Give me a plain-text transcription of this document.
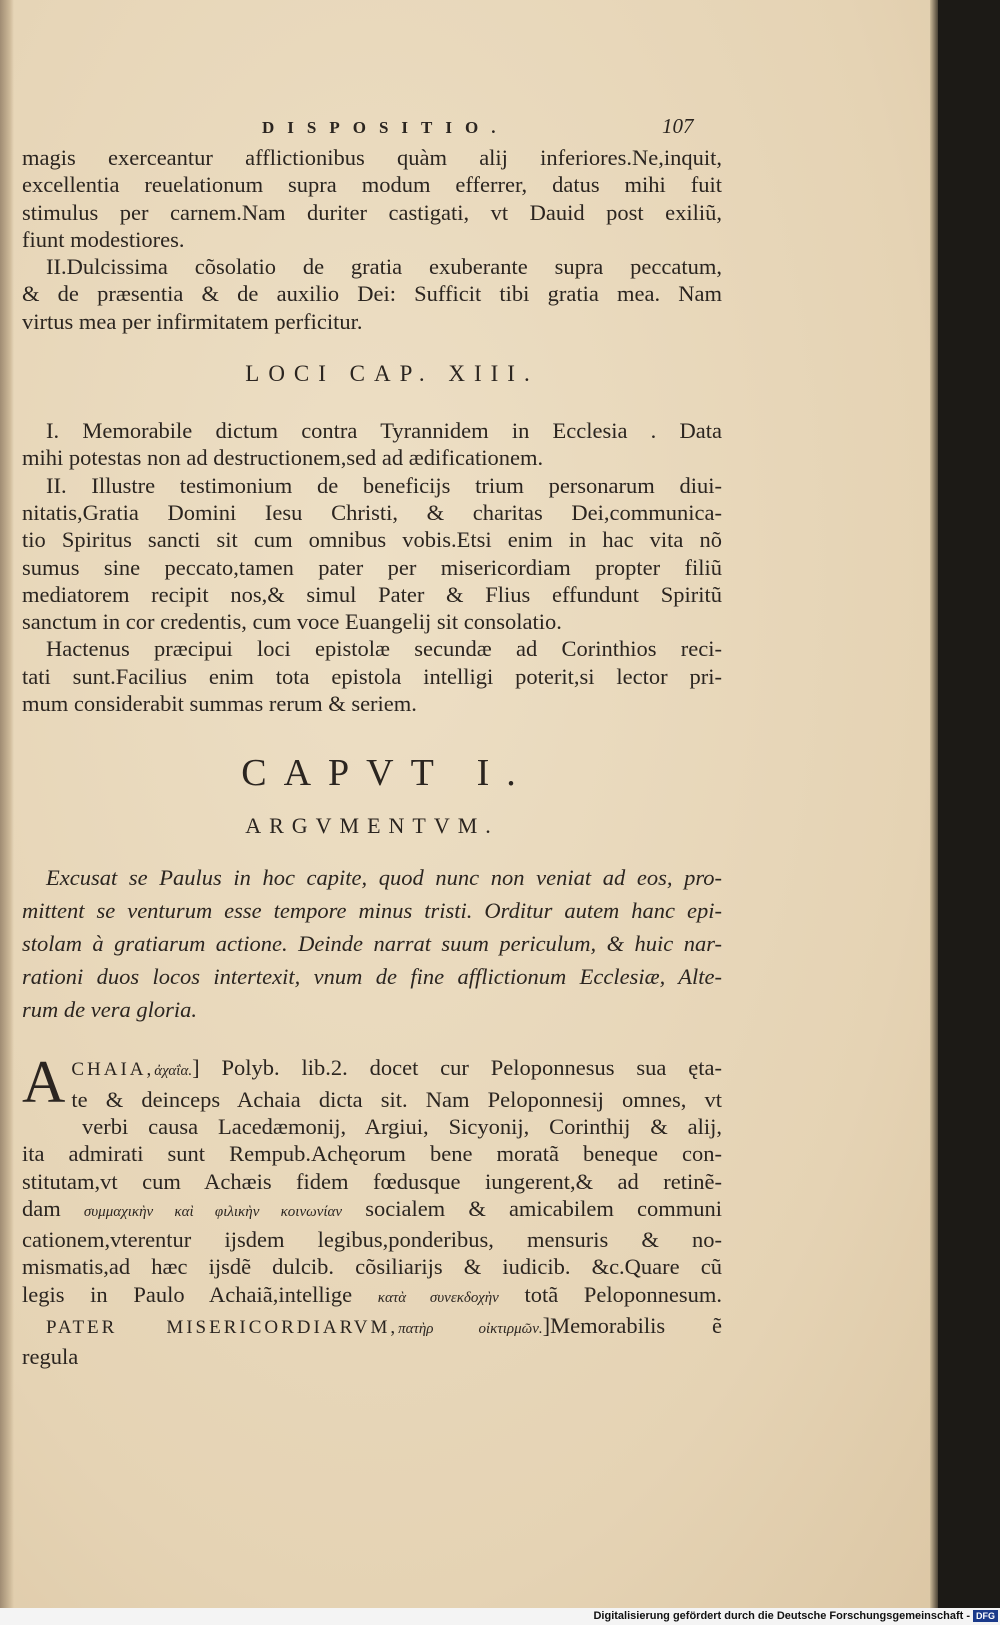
DISPOSITIO.	107

magis exerceantur afflictionibus quàm alij inferiores.Ne,inquit,

excellentia reuelationum supra modum efferrer, datus mihi fuit

stimulus per carnem.Nam duriter castigati, vt Dauid post exiliũ,

fiunt modestiores.

II.Dulcissima cõsolatio de gratia exuberante supra peccatum,

& de præsentia & de auxilio Dei: Sufficit tibi gratia mea. Nam

virtus mea per infirmitatem perficitur.

LOCI CAP. XIII.

I. Memorabile dictum contra Tyrannidem in Ecclesia . Data

mihi potestas non ad destructionem,sed ad ædificationem.

II. Illustre testimonium de beneficijs trium personarum diui-

nitatis,Gratia Domini Iesu Christi, & charitas Dei,communica-

tio Spiritus sancti sit cum omnibus vobis.Etsi enim in hac vita nõ

sumus sine peccato,tamen pater per misericordiam propter filiũ

mediatorem recipit nos,& simul Pater & Flius effundunt Spiritũ

sanctum in cor credentis, cum voce Euangelij sit consolatio.

Hactenus præcipui loci epistolæ secundæ ad Corinthios reci-

tati sunt.Facilius enim tota epistola intelligi poterit,si lector pri-

mum considerabit summas rerum & seriem.

CAPVT I.
ARGVMENTVM.

Excusat se Paulus in hoc capite, quod nunc non veniat ad eos, pro-

mittent se venturum esse tempore minus tristi. Orditur autem hanc epi-

stolam à gratiarum actione. Deinde narrat suum periculum, & huic nar-

rationi duos locos intertexit, vnum de fine afflictionum Ecclesiæ, Alte-

rum de vera gloria.

A CHAIA,ἀχαΐα.] Polyb. lib.2. docet cur Peloponnesus sua ęta-

te & deinceps Achaia dicta sit. Nam Peloponnesij omnes, vt

verbi causa Lacedæmonij, Argiui, Sicyonij, Corinthij & alij,

ita admirati sunt Rempub.Achęorum bene moratã beneque con-

stitutam,vt cum Achæis fidem fœdusque iungerent,& ad retinẽ-

dam συμμαχικὴν καὶ φιλικὴν κοινωνίαν socialem & amicabilem communi

cationem,vterentur ijsdem legibus,ponderibus, mensuris & no-

mismatis,ad hæc ijsdẽ dulcib. cõsiliarijs & iudicib. &c.Quare cũ

legis in Paulo Achaiã,intellige κατὰ συνεκδοχὴν totã Peloponnesum.

PATER MISERICORDIARVM,πατὴρ οἰκτιρμῶν.]Memorabilis ẽ

regula

Digitalisierung gefördert durch die Deutsche Forschungsgemeinschaft - DFG
